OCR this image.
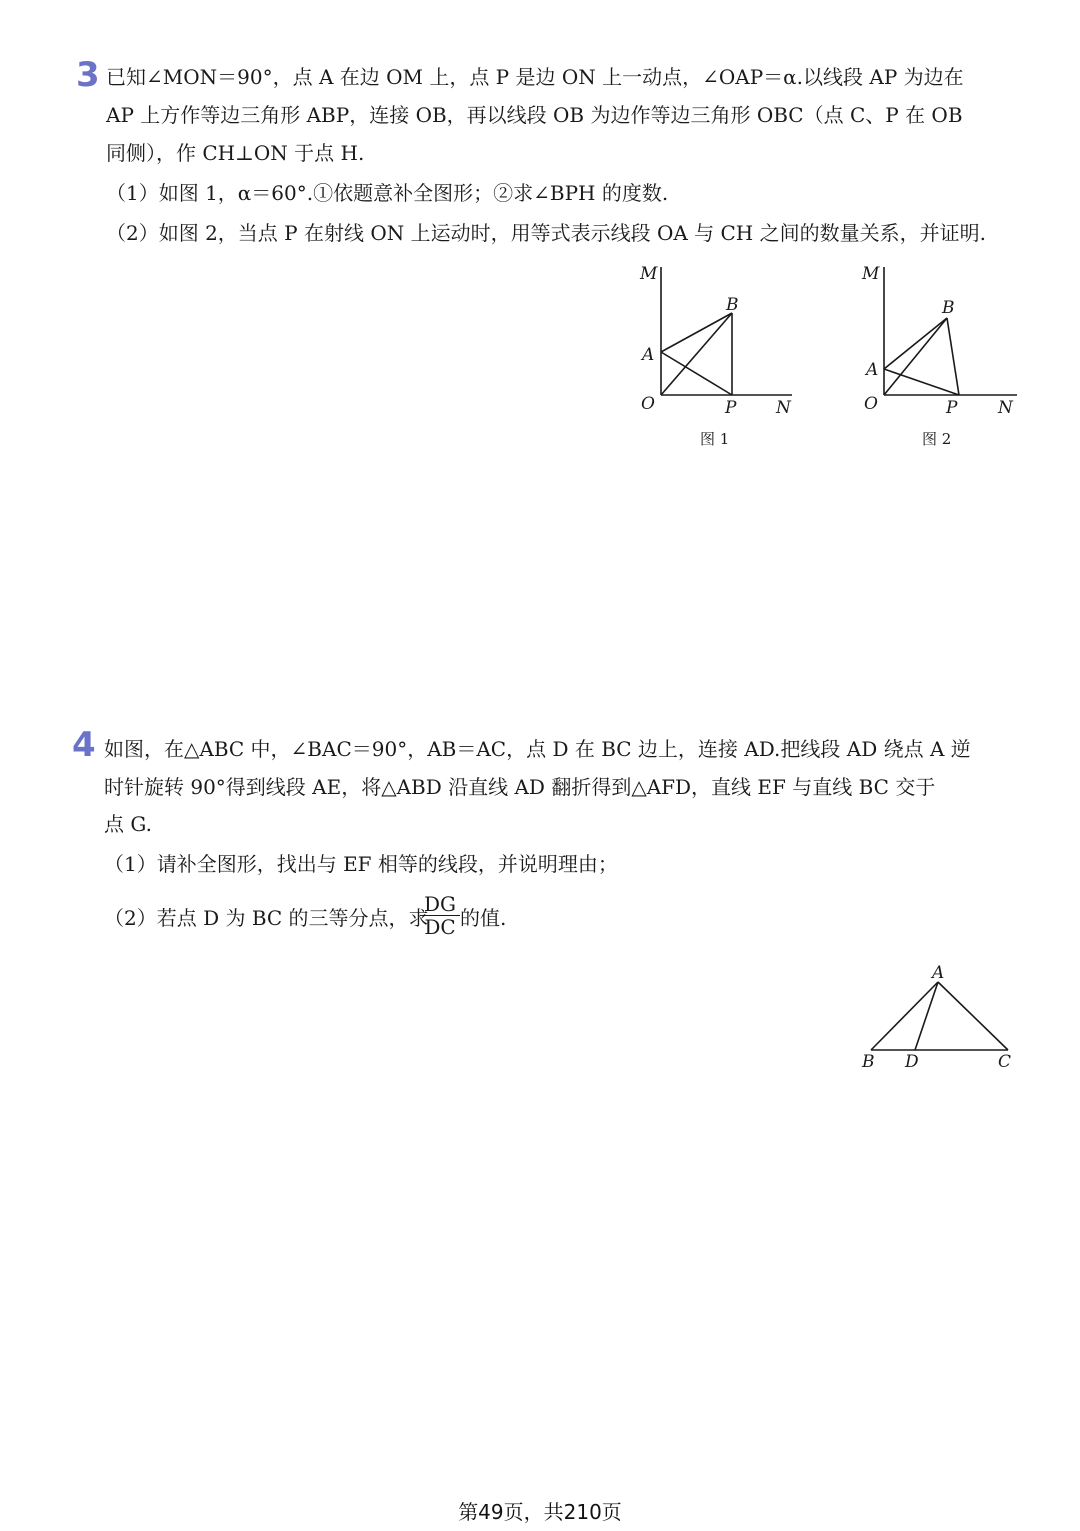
3 已知∠MON＝90°，点 A 在边 OM 上，点 P 是边 ON 上一动点，∠OAP＝α.以线段 AP 为边在
AP 上方作等边三角形 ABP，连接 OB，再以线段 OB 为边作等边三角形 OBC（点 C、P 在 OB
同侧），作 CH⊥ON 于点 H.
（1）如图 1，α＝60°.①依题意补全图形；②求∠BPH 的度数.
（2）如图 2，当点 P 在射线 ON 上运动时，用等式表示线段 OA 与 CH 之间的数量关系，并证明.
M
A
O
B
P N
图 1
M
A
O
B
P N
图 2
4 如图，在△ABC 中，∠BAC＝90°，AB＝AC，点 D 在 BC 边上，连接 AD.把线段 AD 绕点 A 逆
时针旋转 90°得到线段 AE，将△ABD 沿直线 AD 翻折得到△AFD，直线 EF 与直线 BC 交于
点 G.
（1）请补全图形，找出与 EF 相等的线段，并说明理由；
（2）若点 D 为 BC 的三等分点，求
$\frac{DG}{DC}$ 的值.
A
B D	C
第49页，共210页
